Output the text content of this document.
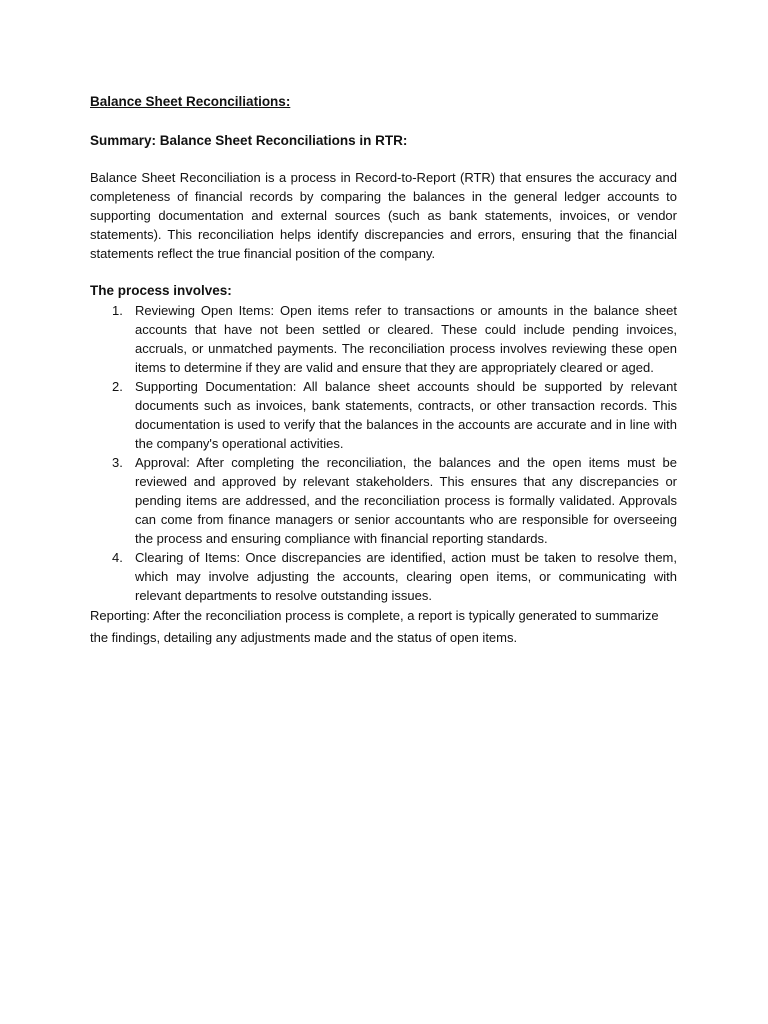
Balance Sheet Reconciliations:
Summary: Balance Sheet Reconciliations in RTR:

Balance Sheet Reconciliation is a process in Record-to-Report (RTR) that ensures the accuracy and completeness of financial records by comparing the balances in the general ledger accounts to supporting documentation and external sources (such as bank statements, invoices, or vendor statements). This reconciliation helps identify discrepancies and errors, ensuring that the financial statements reflect the true financial position of the company.

The process involves:
1. Reviewing Open Items: Open items refer to transactions or amounts in the balance sheet accounts that have not been settled or cleared. These could include pending invoices, accruals, or unmatched payments. The reconciliation process involves reviewing these open items to determine if they are valid and ensure that they are appropriately cleared or aged.
2. Supporting Documentation: All balance sheet accounts should be supported by relevant documents such as invoices, bank statements, contracts, or other transaction records. This documentation is used to verify that the balances in the accounts are accurate and in line with the company's operational activities.
3. Approval: After completing the reconciliation, the balances and the open items must be reviewed and approved by relevant stakeholders. This ensures that any discrepancies or pending items are addressed, and the reconciliation process is formally validated. Approvals can come from finance managers or senior accountants who are responsible for overseeing the process and ensuring compliance with financial reporting standards.
4. Clearing of Items: Once discrepancies are identified, action must be taken to resolve them, which may involve adjusting the accounts, clearing open items, or communicating with relevant departments to resolve outstanding issues.

Reporting: After the reconciliation process is complete, a report is typically generated to summarize the findings, detailing any adjustments made and the status of open items.
